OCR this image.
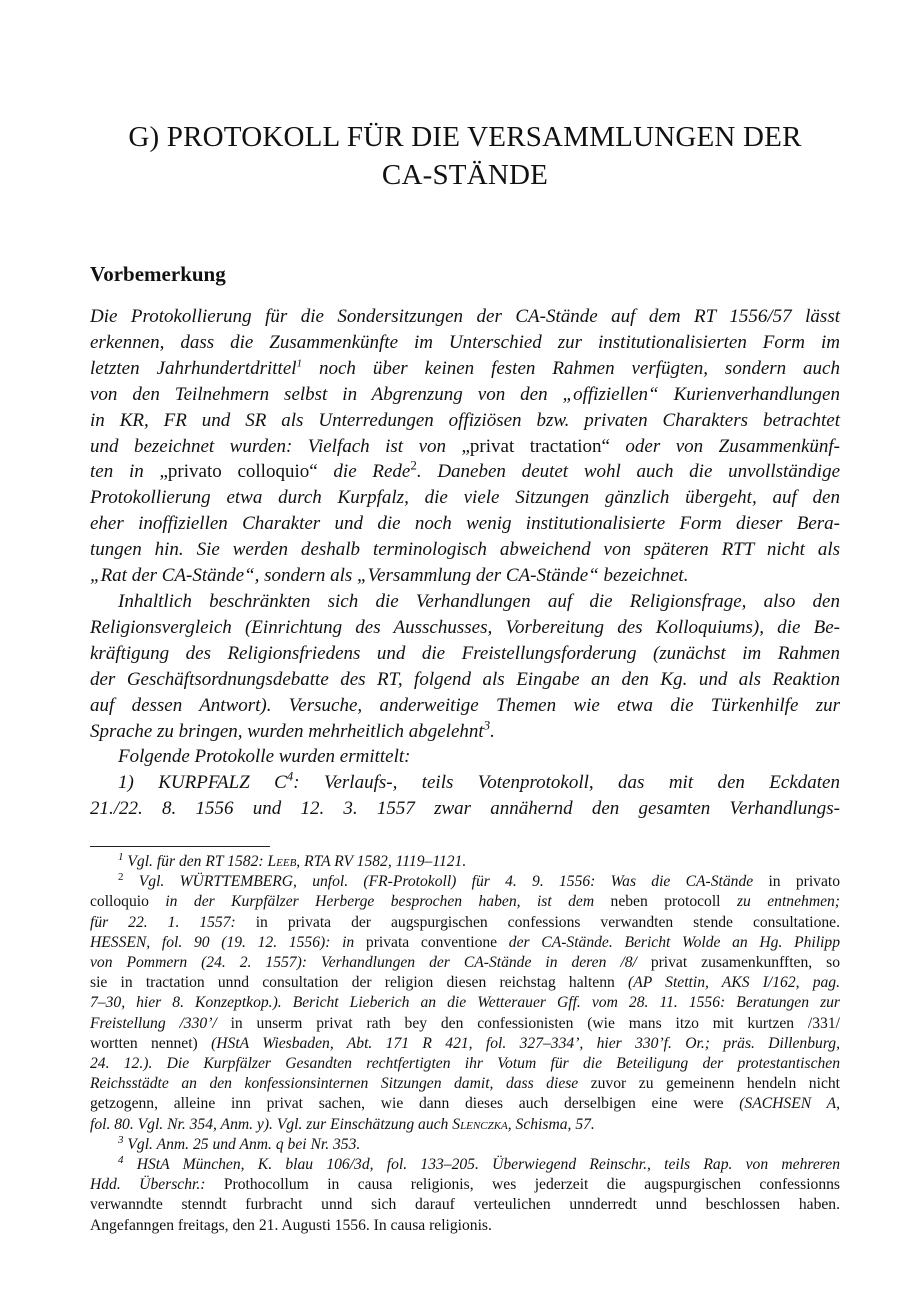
G) PROTOKOLL FÜR DIE VERSAMMLUNGEN DER
CA-STÄNDE
Vorbemerkung

Die Protokollierung für die Sondersitzungen der CA-Stände auf dem RT 1556/57 lässt

erkennen, dass die Zusammenkünfte im Unterschied zur institutionalisierten Form im

letzten Jahrhundertdrittel$^1$ noch über keinen festen Rahmen verfügten, sondern auch

von den Teilnehmern selbst in Abgrenzung von den „offiziellen“ Kurienverhandlungen

in KR, FR und SR als Unterredungen offiziösen bzw. privaten Charakters betrachtet

und bezeichnet wurden: Vielfach ist von „privat tractation“ oder von Zusammenkünf-

ten in „privato colloquio“ die Rede$^2$. Daneben deutet wohl auch die unvollständige

Protokollierung etwa durch Kurpfalz, die viele Sitzungen gänzlich übergeht, auf den

eher inoffiziellen Charakter und die noch wenig institutionalisierte Form dieser Bera-

tungen hin. Sie werden deshalb terminologisch abweichend von späteren RTT nicht als

„Rat der CA-Stände“, sondern als „Versammlung der CA-Stände“ bezeichnet.

Inhaltlich beschränkten sich die Verhandlungen auf die Religionsfrage, also den

Religionsvergleich (Einrichtung des Ausschusses, Vorbereitung des Kolloquiums), die Be-

kräftigung des Religionsfriedens und die Freistellungsforderung (zunächst im Rahmen

der Geschäftsordnungsdebatte des RT, folgend als Eingabe an den Kg. und als Reaktion

auf dessen Antwort). Versuche, anderweitige Themen wie etwa die Türkenhilfe zur

Sprache zu bringen, wurden mehrheitlich abgelehnt$^3$.

Folgende Protokolle wurden ermittelt:

1) KURPFALZ $C^4$: Verlaufs-, teils Votenprotokoll, das mit den Eckdaten

21./22. 8. 1556 und 12. 3. 1557 zwar annähernd den gesamten Verhandlungs-

$^1$ Vgl. für den RT 1582: Leeb, RTA RV 1582, 1119–1121.

$^2$ Vgl. WÜRTTEMBERG, unfol. (FR-Protokoll) für 4. 9. 1556: Was die CA-Stände in privato

colloquio in der Kurpfälzer Herberge besprochen haben, ist dem neben protocoll zu entnehmen;

für 22. 1. 1557: in privata der augspurgischen confessions verwandten stende consultatione.

HESSEN, fol. 90 (19. 12. 1556): in privata conventione der CA-Stände. Bericht Wolde an Hg. Philipp

von Pommern (24. 2. 1557): Verhandlungen der CA-Stände in deren /8/ privat zusamenkunfften, so

sie in tractation unnd consultation der religion diesen reichstag haltenn (AP Stettin, AKS I/162, pag.

7–30, hier 8. Konzeptkop.). Bericht Lieberich an die Wetterauer Gff. vom 28. 11. 1556: Beratungen zur

Freistellung /330’/ in unserm privat rath bey den confessionisten (wie mans itzo mit kurtzen /331/

wortten nennet) (HStA Wiesbaden, Abt. 171 R 421, fol. 327–334’, hier 330’f. Or.; präs. Dillenburg,

24. 12.). Die Kurpfälzer Gesandten rechtfertigten ihr Votum für die Beteiligung der protestantischen

Reichsstädte an den konfessionsinternen Sitzungen damit, dass diese zuvor zu gemeinenn hendeln nicht

getzogenn, alleine inn privat sachen, wie dann dieses auch derselbigen eine were (SACHSEN A,

fol. 80. Vgl. Nr. 354, Anm. y). Vgl. zur Einschätzung auch Slenczka, Schisma, 57.

$^3$ Vgl. Anm. 25 und Anm. q bei Nr. 353.

$^4$ HStA München, K. blau 106/3d, fol. 133–205. Überwiegend Reinschr., teils Rap. von mehreren

Hdd. Überschr.: Prothocollum in causa religionis, wes jederzeit die augspurgischen confessionns

verwanndte stenndt furbracht unnd sich darauf verteulichen unnderredt unnd beschlossen haben.

Angefanngen freitags, den 21. Augusti 1556. In causa religionis.
